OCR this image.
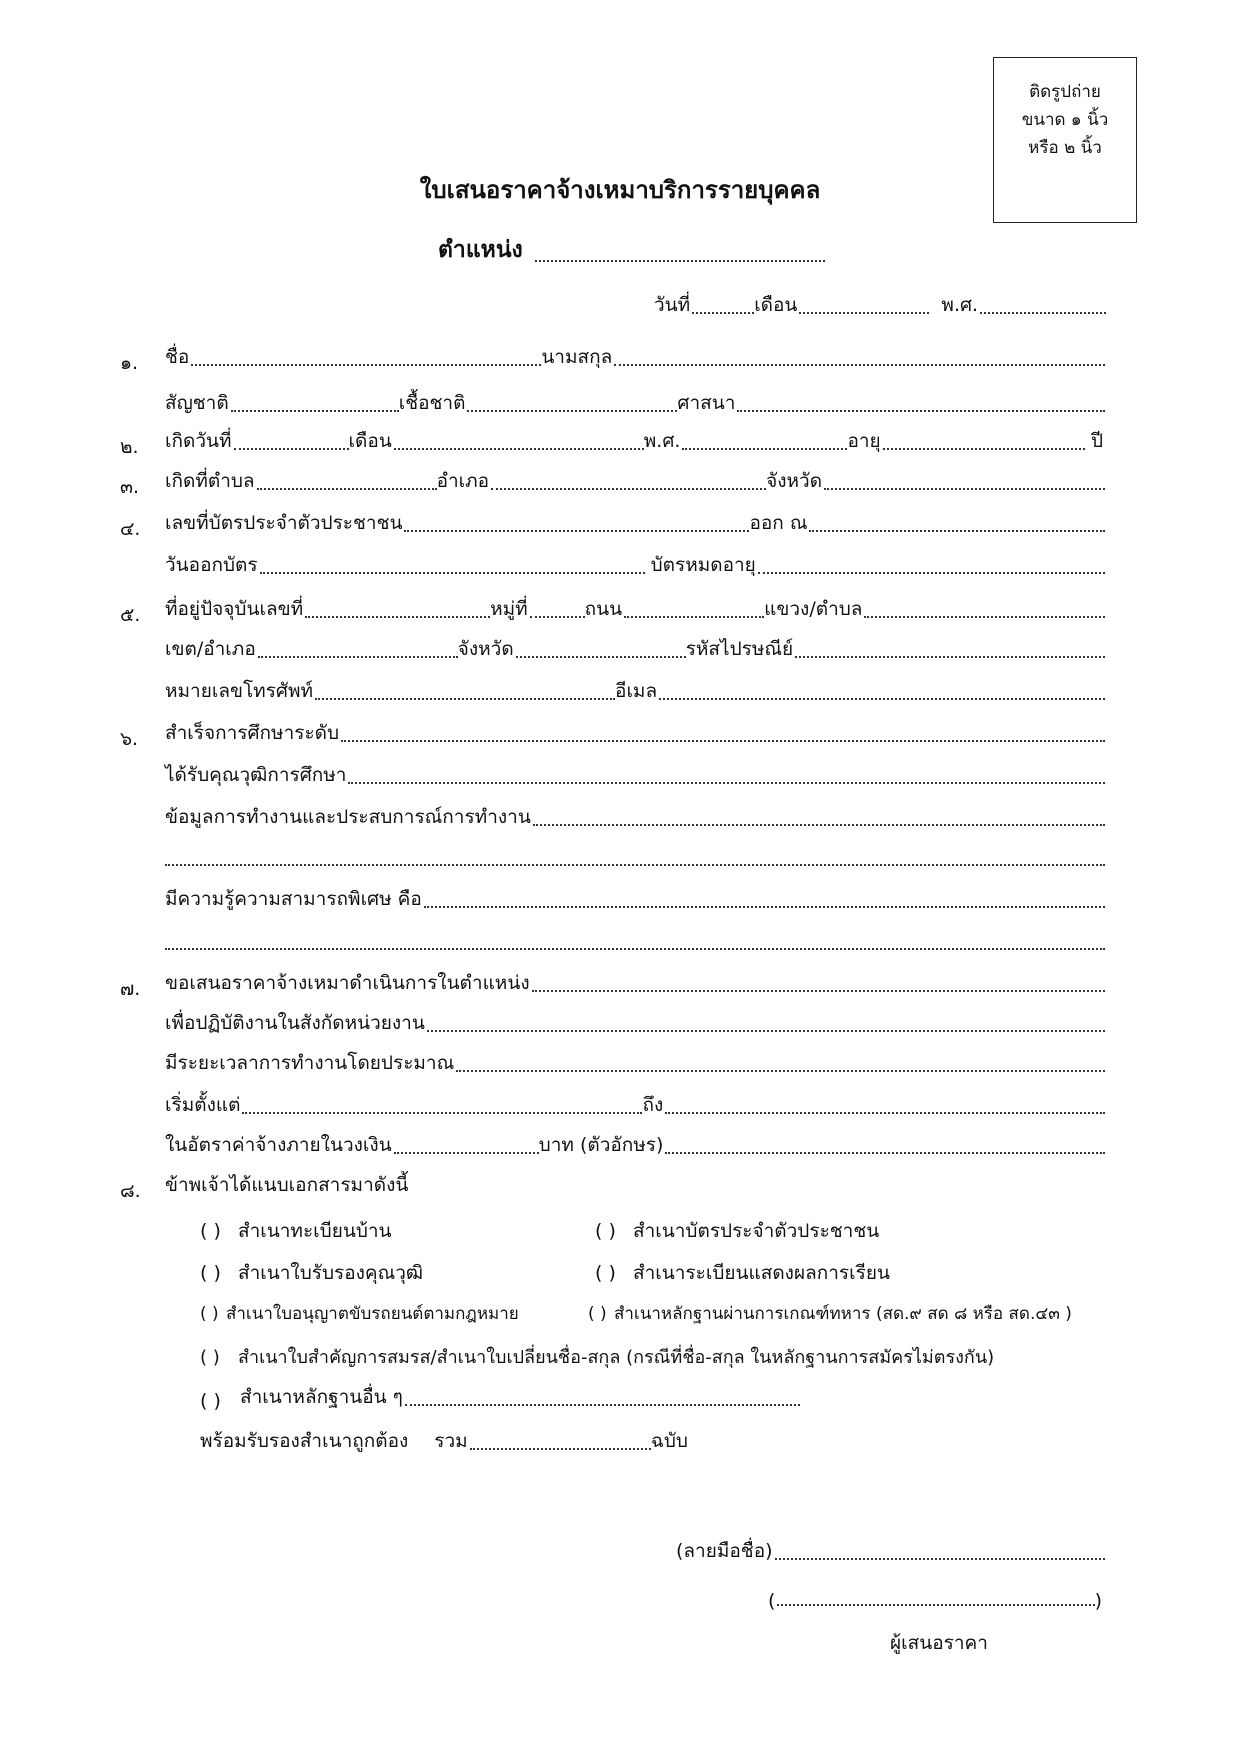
ติดรูปถ่าย
ขนาด ๑ นิ้ว
หรือ ๒ นิ้ว
ใบเสนอราคาจ้างเหมาบริการรายบุคคล
ตำแหน่ง
วันที่	เดือน	พ.ศ.
๑.	ชื่อ	นามสกุล
สัญชาติ	เชื้อชาติ	ศาสนา
๒.	เกิดวันที่	เดือน	พ.ศ.	อายุ	ปี
๓.	เกิดที่ตำบล	อำเภอ	จังหวัด
๔.	เลขที่บัตรประจำตัวประชาชน	ออก ณ
วันออกบัตร	บัตรหมดอายุ
๕.	ที่อยู่ปัจจุบันเลขที่	หมู่ที่	ถนน	แขวง/ตำบล
เขต/อำเภอ	จังหวัด	รหัสไปรษณีย์
หมายเลขโทรศัพท์	อีเมล
๖.	สำเร็จการศึกษาระดับ
ได้รับคุณวุฒิการศึกษา
ข้อมูลการทำงานและประสบการณ์การทำงาน
มีความรู้ความสามารถพิเศษ คือ
๗.	ขอเสนอราคาจ้างเหมาดำเนินการในตำแหน่ง
เพื่อปฏิบัติงานในสังกัดหน่วยงาน
มีระยะเวลาการทำงานโดยประมาณ
เริ่มตั้งแต่	ถึง
ในอัตราค่าจ้างภายในวงเงิน	บาท (ตัวอักษร)
๘.	ข้าพเจ้าได้แนบเอกสารมาดังนี้
( ) สำเนาทะเบียนบ้าน	( ) สำเนาบัตรประจำตัวประชาชน
( ) สำเนาใบรับรองคุณวุฒิ	( ) สำเนาระเบียนแสดงผลการเรียน
( ) สำเนาใบอนุญาตขับรถยนต์ตามกฎหมาย	( ) สำเนาหลักฐานผ่านการเกณฑ์ทหาร (สด.๙ สด ๘ หรือ สด.๔๓ )
( ) สำเนาใบสำคัญการสมรส/สำเนาใบเปลี่ยนชื่อ-สกุล (กรณีที่ชื่อ-สกุล ในหลักฐานการสมัครไม่ตรงกัน)
( )	สำเนาหลักฐานอื่น ๆ
พร้อมรับรองสำเนาถูกต้อง รวม	ฉบับ
(ลายมือชื่อ)
(	)
ผู้เสนอราคา
